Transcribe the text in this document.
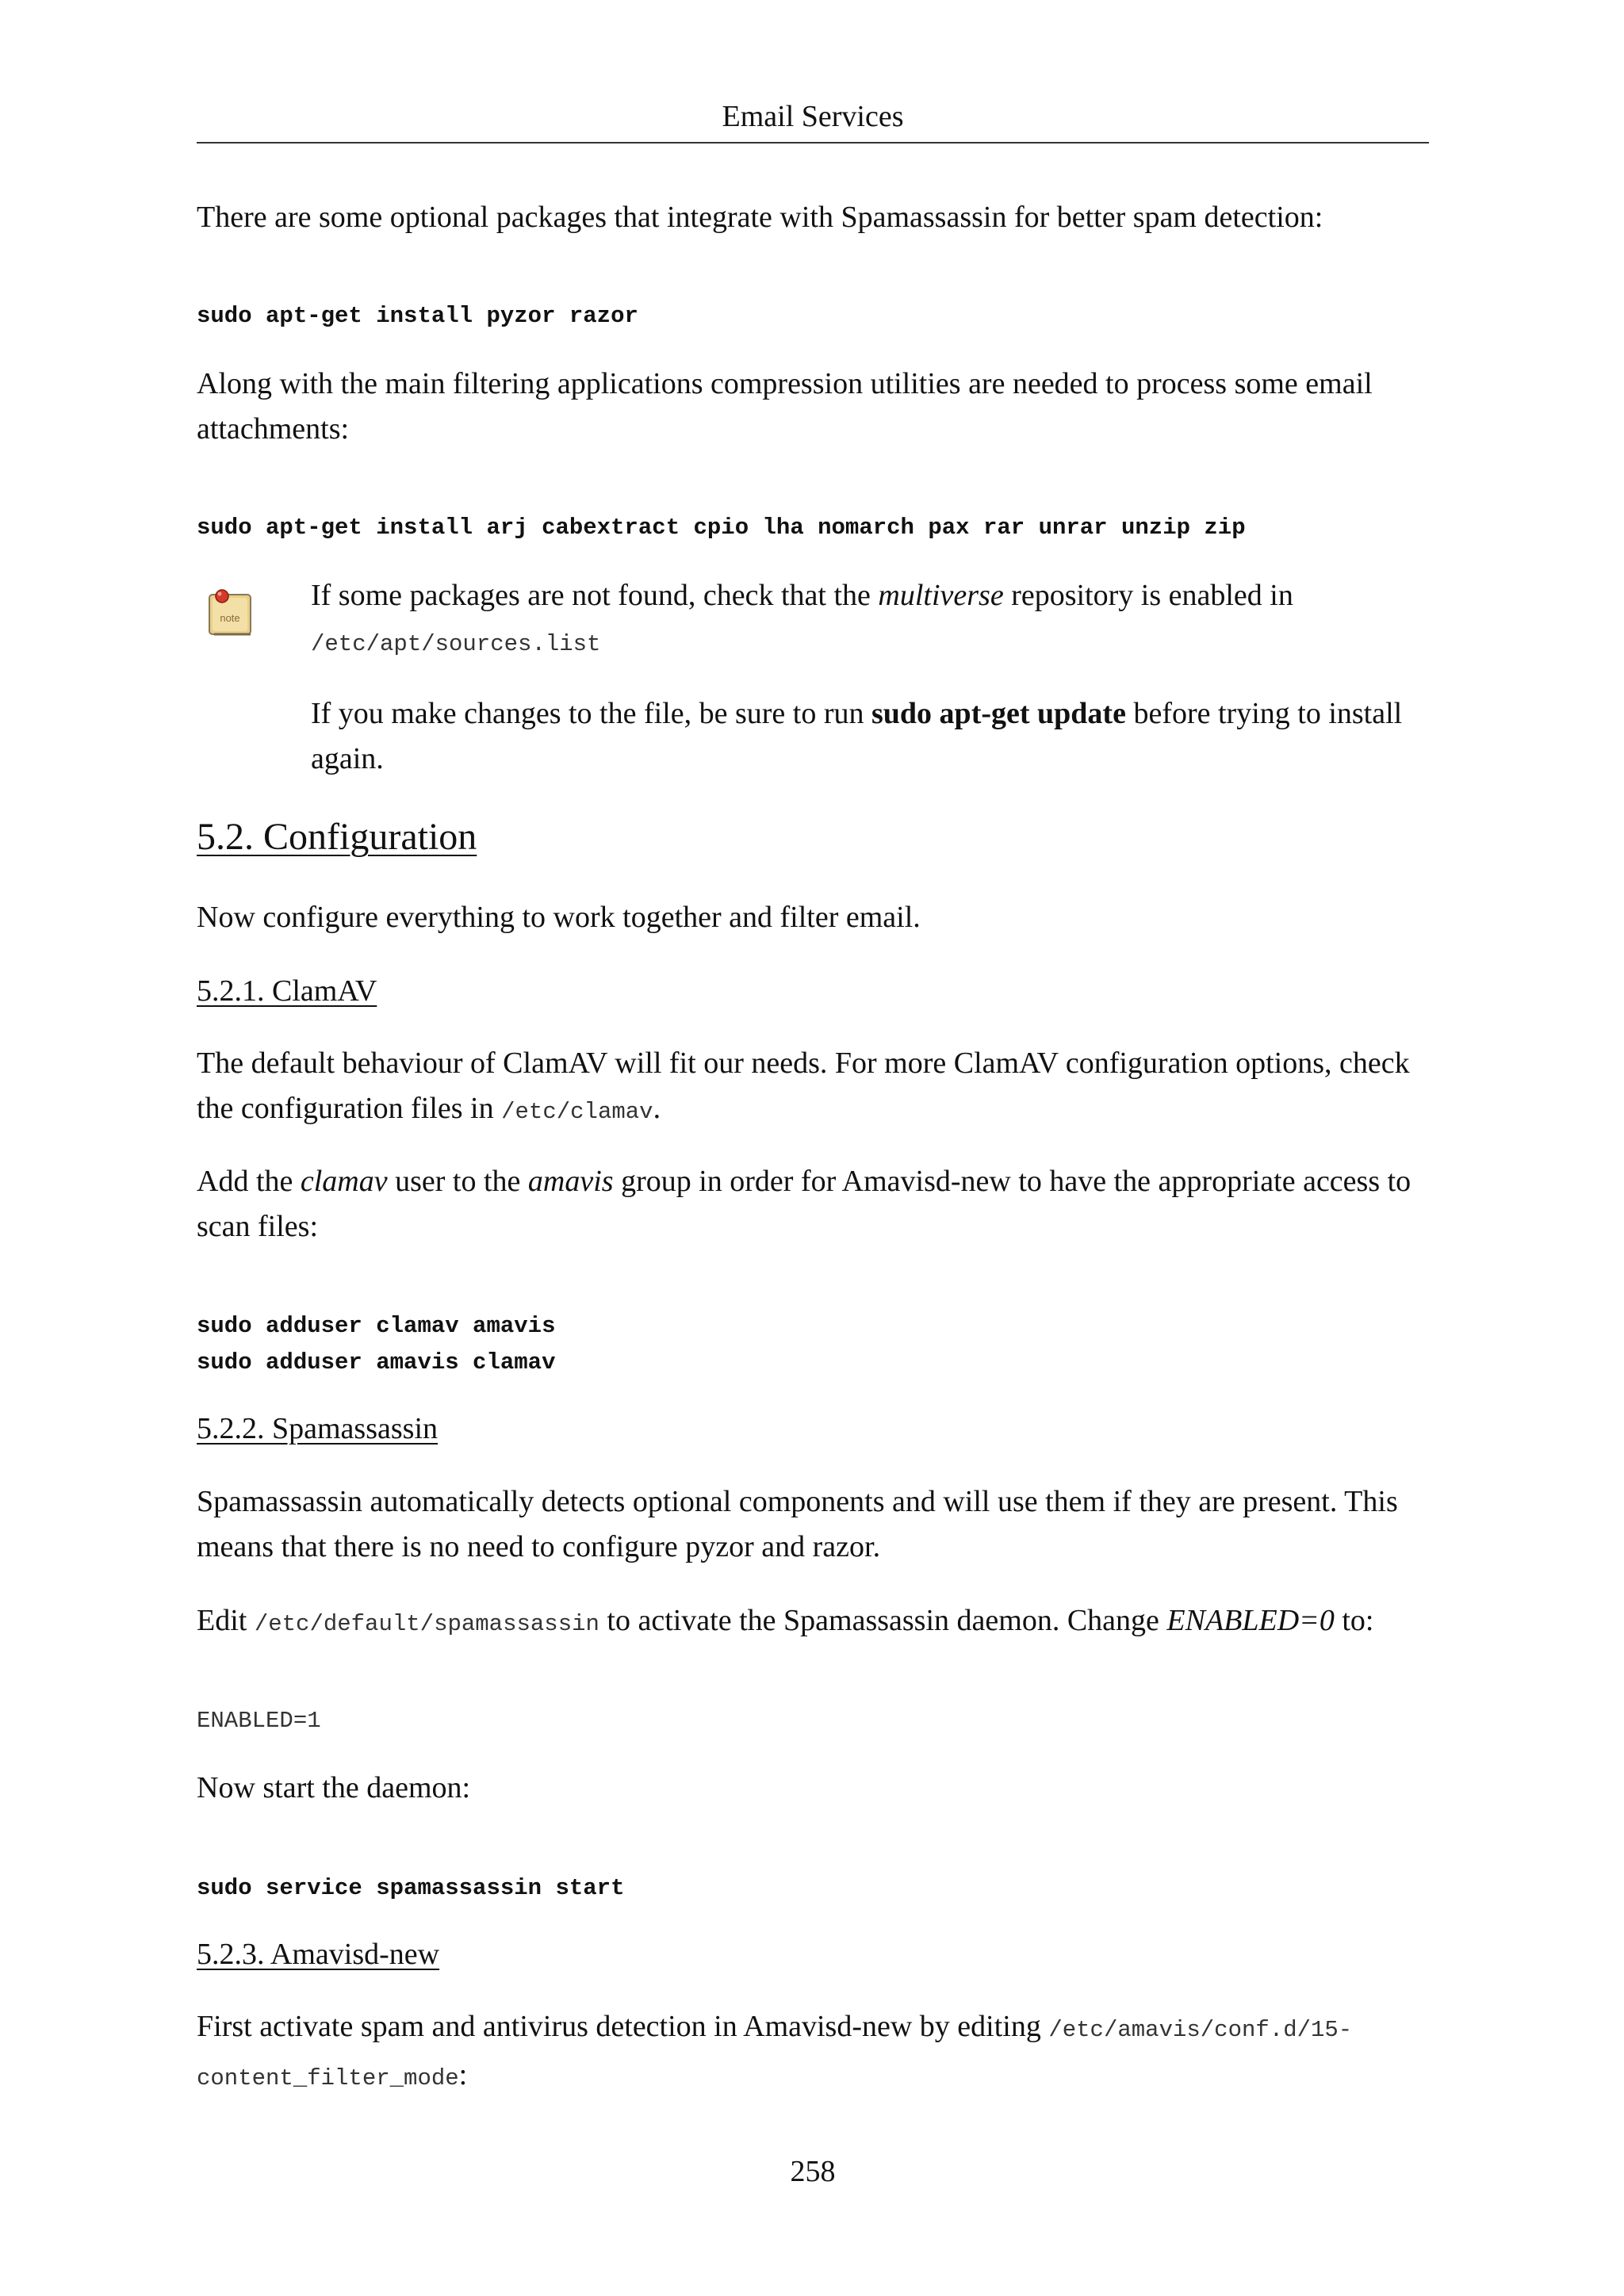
Email Services

There are some optional packages that integrate with Spamassassin for better spam detection:

sudo apt-get install pyzor razor

Along with the main filtering applications compression utilities are needed to process some email attachments:

sudo apt-get install arj cabextract cpio lha nomarch pax rar unrar unzip zip
note

If some packages are not found, check that the multiverse repository is enabled in /etc/apt/sources.list

If you make changes to the file, be sure to run sudo apt-get update before trying to install again.

5.2. Configuration

Now configure everything to work together and filter email.

5.2.1. ClamAV

The default behaviour of ClamAV will fit our needs. For more ClamAV configuration options, check the configuration files in /etc/clamav.

Add the clamav user to the amavis group in order for Amavisd-new to have the appropriate access to scan files:

sudo adduser clamav amavis
sudo adduser amavis clamav
5.2.2. Spamassassin

Spamassassin automatically detects optional components and will use them if they are present. This means that there is no need to configure pyzor and razor.

Edit /etc/default/spamassassin to activate the Spamassassin daemon. Change ENABLED=0 to:

ENABLED=1

Now start the daemon:

sudo service spamassassin start
5.2.3. Amavisd-new

First activate spam and antivirus detection in Amavisd-new by editing /etc/amavis/conf.d/15-content_filter_mode:

258
